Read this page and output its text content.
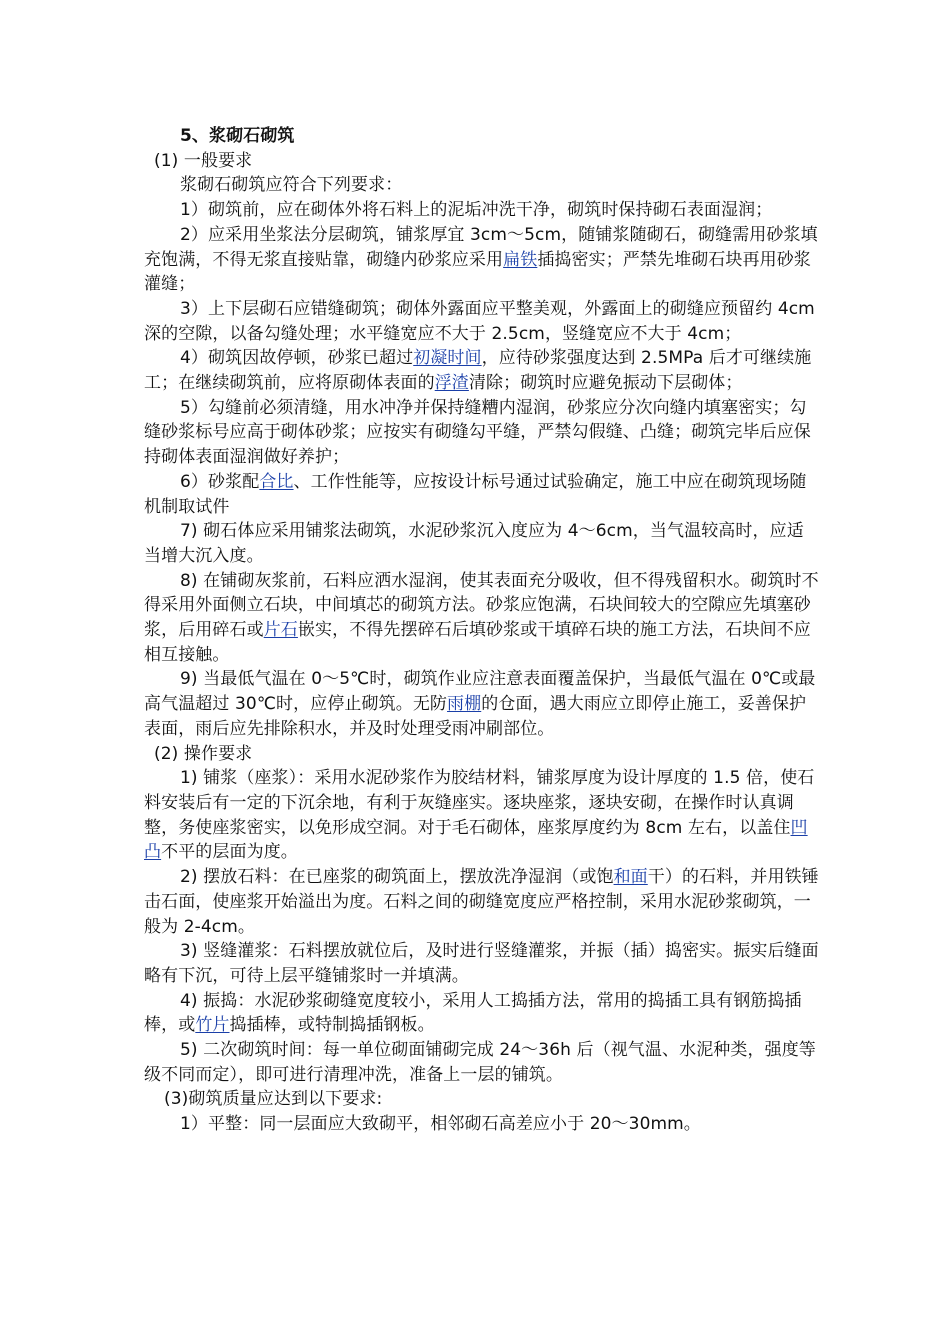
5、浆砌石砌筑

(1) 一般要求

浆砌石砌筑应符合下列要求：

1）砌筑前，应在砌体外将石料上的泥垢冲洗干净，砌筑时保持砌石表面湿润；

2）应采用坐浆法分层砌筑，铺浆厚宜 3cm～5cm，随铺浆随砌石，砌缝需用砂浆填充饱满，不得无浆直接贴靠，砌缝内砂浆应采用扁铁插捣密实；严禁先堆砌石块再用砂浆灌缝；

3）上下层砌石应错缝砌筑；砌体外露面应平整美观，外露面上的砌缝应预留约 4cm 深的空隙，以备勾缝处理；水平缝宽应不大于 2.5cm，竖缝宽应不大于 4cm；

4）砌筑因故停顿，砂浆已超过初凝时间，应待砂浆强度达到 2.5MPa 后才可继续施工；在继续砌筑前，应将原砌体表面的浮渣清除；砌筑时应避免振动下层砌体；

5）勾缝前必须清缝，用水冲净并保持缝糟内湿润，砂浆应分次向缝内填塞密实；勾缝砂浆标号应高于砌体砂浆；应按实有砌缝勾平缝，严禁勾假缝、凸缝；砌筑完毕后应保持砌体表面湿润做好养护；

6）砂浆配合比、工作性能等，应按设计标号通过试验确定，施工中应在砌筑现场随机制取试件

7) 砌石体应采用铺浆法砌筑，水泥砂浆沉入度应为 4～6cm，当气温较高时，应适当增大沉入度。

8) 在铺砌灰浆前，石料应洒水湿润，使其表面充分吸收，但不得残留积水。砌筑时不得采用外面侧立石块，中间填芯的砌筑方法。砂浆应饱满，石块间较大的空隙应先填塞砂浆，后用碎石或片石嵌实，不得先摆碎石后填砂浆或干填碎石块的施工方法，石块间不应相互接触。

9) 当最低气温在 0～5℃时，砌筑作业应注意表面覆盖保护，当最低气温在 0℃或最高气温超过 30℃时，应停止砌筑。无防雨棚的仓面，遇大雨应立即停止施工，妥善保护表面，雨后应先排除积水，并及时处理受雨冲刷部位。

(2) 操作要求

1) 铺浆（座浆）：采用水泥砂浆作为胶结材料，铺浆厚度为设计厚度的 1.5 倍，使石料安装后有一定的下沉余地，有利于灰缝座实。逐块座浆，逐块安砌，在操作时认真调整，务使座浆密实，以免形成空洞。对于毛石砌体，座浆厚度约为 8cm 左右，以盖住凹凸不平的层面为度。

2) 摆放石料：在已座浆的砌筑面上，摆放洗净湿润（或饱和面干）的石料，并用铁锤击石面，使座浆开始溢出为度。石料之间的砌缝宽度应严格控制，采用水泥砂浆砌筑，一般为 2-4cm。

3) 竖缝灌浆：石料摆放就位后，及时进行竖缝灌浆，并振（插）捣密实。振实后缝面略有下沉，可待上层平缝铺浆时一并填满。

4) 振捣：水泥砂浆砌缝宽度较小，采用人工捣插方法，常用的捣插工具有钢筋捣插棒，或竹片捣插棒，或特制捣插钢板。

5) 二次砌筑时间：每一单位砌面铺砌完成 24～36h 后（视气温、水泥种类，强度等级不同而定），即可进行清理冲洗，准备上一层的铺筑。

(3)砌筑质量应达到以下要求:

1）平整：同一层面应大致砌平，相邻砌石高差应小于 20～30mm。
